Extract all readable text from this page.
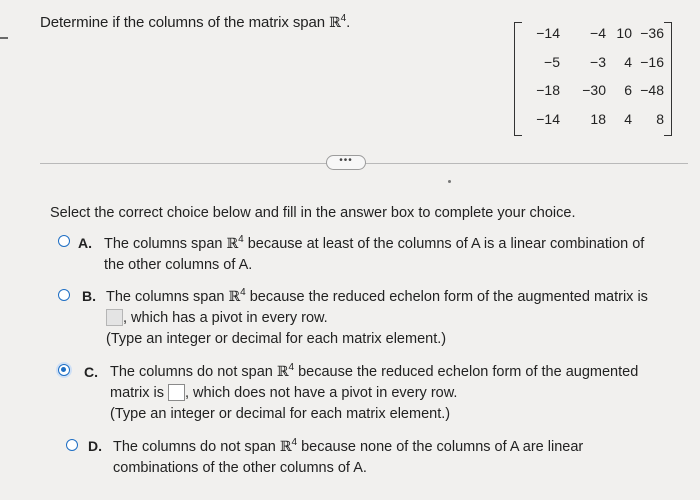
Determine if the columns of the matrix span ℝ$^4$.
−14 −4 10 −36
−5 −3 4 −16
−18 −30 6 −48
−14 18 4 8
•••
Select the correct choice below and fill in the answer box to complete your choice.
A. The columns span ℝ$^4$ because at least of the columns of A is a linear combination of
the other columns of A.
B. The columns span ℝ$^4$ because the reduced echelon form of the augmented matrix is
, which has a pivot in every row.
(Type an integer or decimal for each matrix element.)
C. The columns do not span ℝ$^4$ because the reduced echelon form of the augmented
matrix is , which does not have a pivot in every row.
(Type an integer or decimal for each matrix element.)
D. The columns do not span ℝ$^4$ because none of the columns of A are linear
combinations of the other columns of A.
